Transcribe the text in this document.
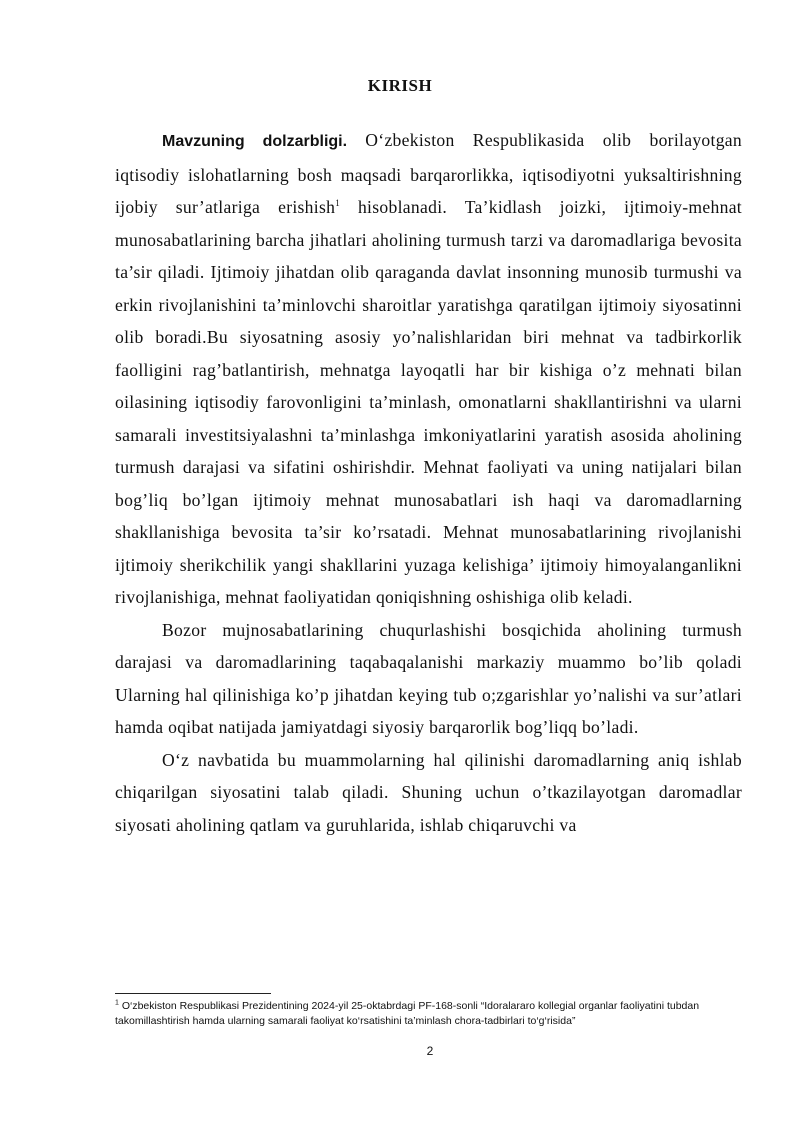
KIRISH

Mavzuning dolzarbligi. O‘zbekiston Respublikasida olib borilayotgan iqtisodiy islohatlarning bosh maqsadi barqarorlikka, iqtisodiyotni yuksaltirishning ijobiy sur’atlariga erishish$^1$ hisoblanadi. Ta’kidlash joizki, ijtimoiy-mehnat munosabatlarining barcha jihatlari aholining turmush tarzi va daromadlariga bevosita ta’sir qiladi. Ijtimoiy jihatdan olib qaraganda davlat insonning munosib turmushi va erkin rivojlanishini ta’minlovchi sharoitlar yaratishga qaratilgan ijtimoiy siyosatinni olib boradi.Bu siyosatning asosiy yo’nalishlaridan biri mehnat va tadbirkorlik faolligini rag’batlantirish, mehnatga layoqatli har bir kishiga o’z mehnati bilan oilasining iqtisodiy farovonligini ta’minlash, omonatlarni shakllantirishni va ularni samarali investitsiyalashni ta’minlashga imkoniyatlarini yaratish asosida aholining turmush darajasi va sifatini oshirishdir. Mehnat faoliyati va uning natijalari bilan bog’liq bo’lgan ijtimoiy mehnat munosabatlari ish haqi va daromadlarning shakllanishiga bevosita ta’sir ko’rsatadi. Mehnat munosabatlarining rivojlanishi ijtimoiy sherikchilik yangi shakllarini yuzaga kelishiga’ ijtimoiy himoyalanganlikni rivojlanishiga, mehnat faoliyatidan qoniqishning oshishiga olib keladi.

Bozor mujnosabatlarining chuqurlashishi bosqichida aholining turmush darajasi va daromadlarining taqabaqalanishi markaziy muammo bo’lib qoladi Ularning hal qilinishiga ko’p jihatdan keying tub o;zgarishlar yo’nalishi va sur’atlari hamda oqibat natijada jamiyatdagi siyosiy barqarorlik bog’liqq bo’ladi.

O‘z navbatida bu muammolarning hal qilinishi daromadlarning aniq ishlab chiqarilgan siyosatini talab qiladi. Shuning uchun o’tkazilayotgan daromadlar siyosati aholining qatlam va guruhlarida, ishlab chiqaruvchi va

$^1$ O‘zbekiston Respublikasi Prezidentining 2024-yil 25-oktabrdagi PF-168-sonli “Idoralararo kollegial organlar faoliyatini tubdan takomillashtirish hamda ularning samarali faoliyat ko‘rsatishini ta’minlash chora-tadbirlari to‘g‘risida”
2
